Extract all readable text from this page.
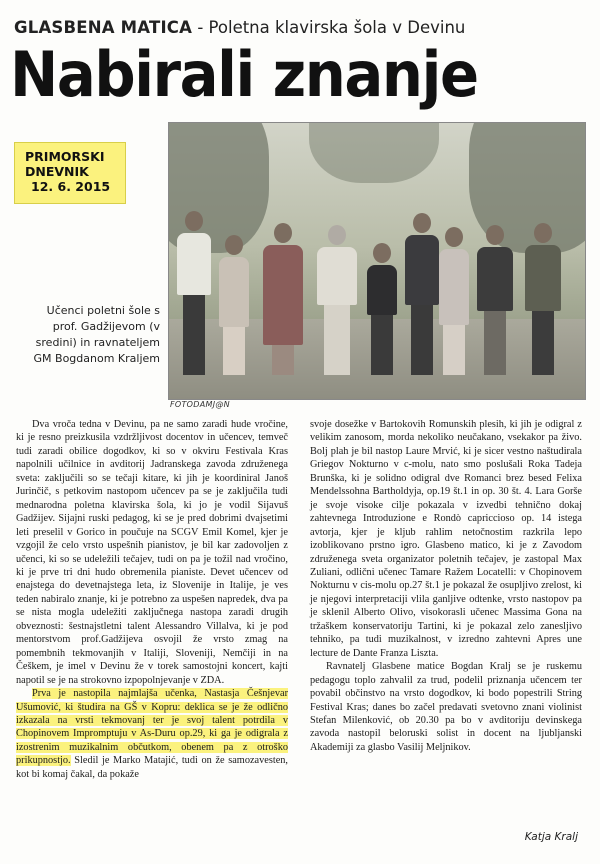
GLASBENA MATICA - Poletna klavirska šola v Devinu
Nabirali znanje
PRIMORSKI
DNEVNIK
12. 6. 2015
Učenci poletni šole s prof. Gadžijevom (v sredini) in ravnateljem GM Bogdanom Kraljem
FOTODAMJ@N

Dva vroča tedna v Devinu, pa ne samo zaradi hude vročine, ki je resno preizkusila vzdržljivost docentov in učencev, temveč tudi zaradi obilice dogodkov, ki so v okviru Festivala Kras napolnili učilnice in avditorij Jadranskega zavoda združenega sveta: zaključili so se tečaji kitare, ki jih je koordiniral Janoš Jurinčič, s petkovim nastopom učencev pa se je zaključila tudi mednarodna poletna klavirska šola, ki jo je vodil Sijavuš Gadžijev. Sijajni ruski pedagog, ki se je pred dobrimi dvajsetimi leti preselil v Gorico in poučuje na SCGV Emil Komel, kjer je vzgojil že celo vrsto uspešnih pianistov, je bil kar zadovoljen z učenci, ki so se udeležili tečajev, tudi on pa je tožil nad vročino, ki je prve tri dni hudo obremenila pianiste. Devet učencev od enajstega do devetnajstega leta, iz Slovenije in Italije, je ves teden nabiralo znanje, ki je potrebno za uspešen napredek, dva pa se nista mogla udeležiti zaključnega nastopa zaradi drugih obveznosti: šestnajstletni talent Alessandro Villalva, ki je pod mentorstvom prof.Gadžijeva osvojil že vrsto zmag na pomembnih tekmovanjih v Italiji, Sloveniji, Nemčiji in na Češkem, je imel v Devinu že v torek samostojni koncert, kajti napotil se je na strokovno izpopolnjevanje v ZDA.

Prva je nastopila najmlajša učenka, Nastasja Češnjevar Ušumović, ki študira na GŠ v Kopru: deklica se je že odlično izkazala na vrsti tekmovanj ter je svoj talent potrdila v Chopinovem Impromptuju v As-Duru op.29, ki ga je odigrala z izostrenim muzikalnim občutkom, obenem pa z otroško prikupnostjo. Sledil je Marko Matajić, tudi on že samozavesten, kot bi komaj čakal, da pokaže

svoje dosežke v Bartokovih Romunskih plesih, ki jih je odigral z velikim zanosom, morda nekoliko neučakano, vsekakor pa živo. Bolj plah je bil nastop Laure Mrvić, ki je sicer vestno naštudirala Griegov Nokturno v c-molu, nato smo poslušali Roka Tadeja Brunška, ki je solidno odigral dve Romanci brez besed Felixa Mendelssohna Bartholdyja, op.19 št.1 in op. 30 št. 4. Lara Goršе je svoje visoke cilje pokazala v izvedbi tehnično dokaj zahtevnega Introduzione e Rondò capriccioso op. 14 istega avtorja, kjer je kljub rahlim netočnostim razkrila lepo izoblikovano prstno igro. Glasbeno matico, ki je z Zavodom združenega sveta organizator poletnih tečajev, je zastopal Max Zuliani, odlični učenec Tamare Ražem Locatelli: v Chopinovem Nokturnu v cis-molu op.27 št.1 je pokazal že osupljivo zrelost, ki je njegovi interpretaciji vlila ganljive odtenke, vrsto nastopov pa je sklenil Alberto Olivo, visokorasli učenec Massima Gona na tržaškem konservatoriju Tartini, ki je pokazal zelo zanesljivo tehniko, pa tudi muzikalnost, v izredno zahtevni Apres une lecture de Dante Franza Liszta.

Ravnatelj Glasbene matice Bogdan Kralj se je ruskemu pedagogu toplo zahvalil za trud, podelil priznanja učencem ter povabil občinstvo na vrsto dogodkov, ki bodo popestrili String Festival Kras; danes bo začel predavati svetovno znani violinist Stefan Milenković, ob 20.30 pa bo v avditoriju devinskega zavoda nastopil beloruski solist in docent na ljubljanski Akademiji za glasbo Vasilij Meljnikov.

Katja Kralj
